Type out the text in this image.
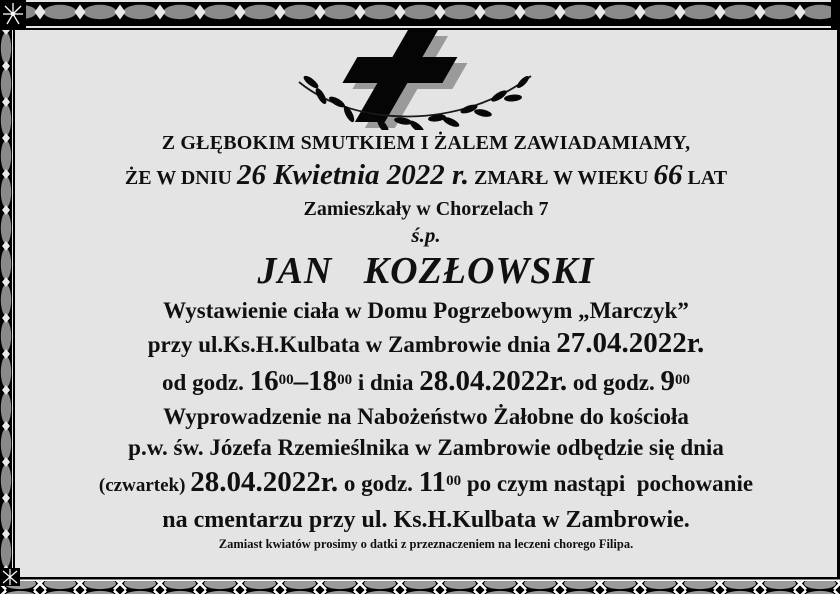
Z GŁĘBOKIM SMUTKIEM I ŻALEM ZAWIADAMIAMY,
ŻE W DNIU 26 Kwietnia 2022 r. ZMARŁ W WIEKU 66 LAT
Zamieszkały w Chorzelach 7
ś.p.
JAN   KOZŁOWSKI
Wystawienie ciała w Domu Pogrzebowym „Marczyk”
przy ul.Ks.H.Kulbata w Zambrowie dnia 27.04.2022r.
od godz. $16^{00}-18^{00}$ i dnia 28.04.2022r. od godz. $9^{00}$
Wyprowadzenie na Nabożeństwo Żałobne do kościoła
p.w. św. Józefa Rzemieślnika w Zambrowie odbędzie się dnia
(czwartek) 28.04.2022r. o godz. $11^{00}$ po czym nastąpi  pochowanie
na cmentarzu przy ul. Ks.H.Kulbata w Zambrowie.
Zamiast kwiatów prosimy o datki z przeznaczeniem na leczeni chorego Filipa.
